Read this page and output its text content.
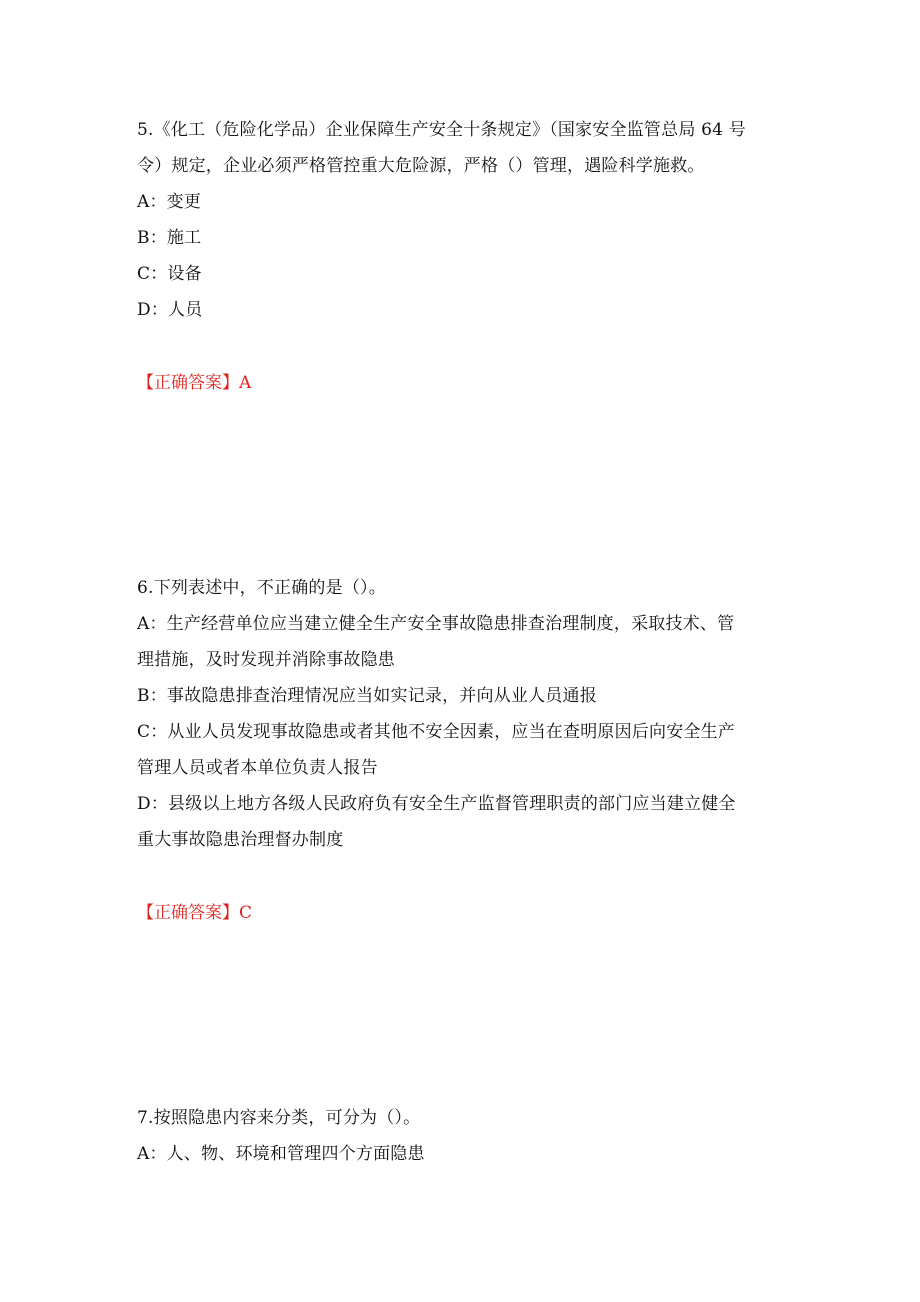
5.《化工（危险化学品）企业保障生产安全十条规定》（国家安全监管总局 64 号
令）规定，企业必须严格管控重大危险源，严格（）管理，遇险科学施救。
A：变更
B：施工
C：设备
D：人员
【正确答案】A
6.下列表述中，不正确的是（）。
A：生产经营单位应当建立健全生产安全事故隐患排查治理制度，采取技术、管
理措施，及时发现并消除事故隐患
B：事故隐患排查治理情况应当如实记录，并向从业人员通报
C：从业人员发现事故隐患或者其他不安全因素，应当在查明原因后向安全生产
管理人员或者本单位负责人报告
D：县级以上地方各级人民政府负有安全生产监督管理职责的部门应当建立健全
重大事故隐患治理督办制度
【正确答案】C
7.按照隐患内容来分类，可分为（）。
A：人、物、环境和管理四个方面隐患
